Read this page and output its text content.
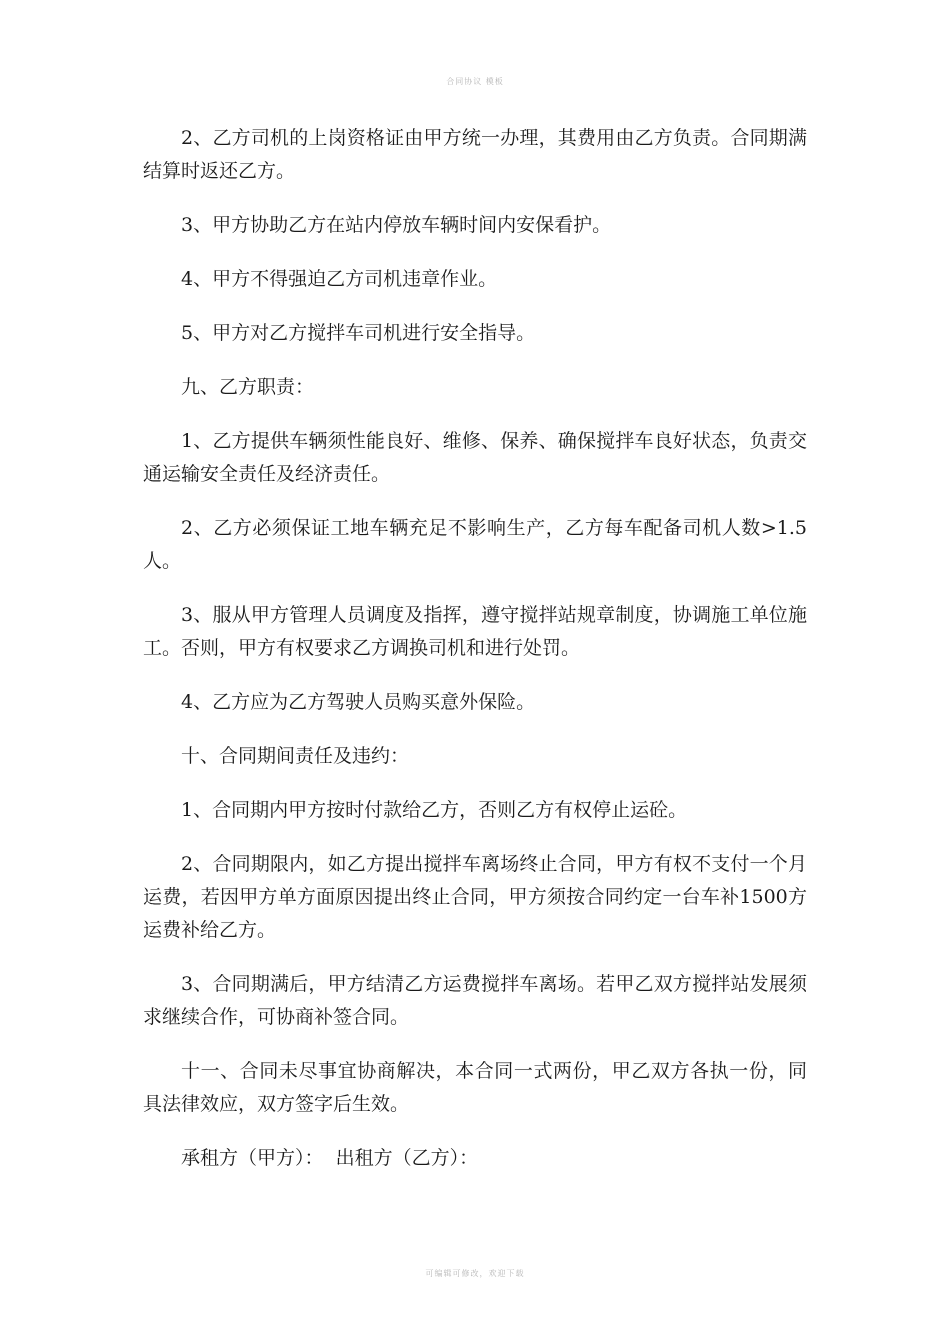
合同协议 模板

2、乙方司机的上岗资格证由甲方统一办理，其费用由乙方负责。合同期满结算时返还乙方。

3、甲方协助乙方在站内停放车辆时间内安保看护。

4、甲方不得强迫乙方司机违章作业。

5、甲方对乙方搅拌车司机进行安全指导。

九、乙方职责：

1、乙方提供车辆须性能良好、维修、保养、确保搅拌车良好状态，负责交通运输安全责任及经济责任。

2、乙方必须保证工地车辆充足不影响生产，乙方每车配备司机人数>1.5人。

3、服从甲方管理人员调度及指挥，遵守搅拌站规章制度，协调施工单位施工。否则，甲方有权要求乙方调换司机和进行处罚。

4、乙方应为乙方驾驶人员购买意外保险。

十、合同期间责任及违约：

1、合同期内甲方按时付款给乙方，否则乙方有权停止运砼。

2、合同期限内，如乙方提出搅拌车离场终止合同，甲方有权不支付一个月运费，若因甲方单方面原因提出终止合同，甲方须按合同约定一台车补1500方运费补给乙方。

3、合同期满后，甲方结清乙方运费搅拌车离场。若甲乙双方搅拌站发展须求继续合作，可协商补签合同。

十一、合同未尽事宜协商解决，本合同一式两份，甲乙双方各执一份，同具法律效应，双方签字后生效。

承租方（甲方）：  出租方（乙方）：

可编辑可修改，欢迎下载
